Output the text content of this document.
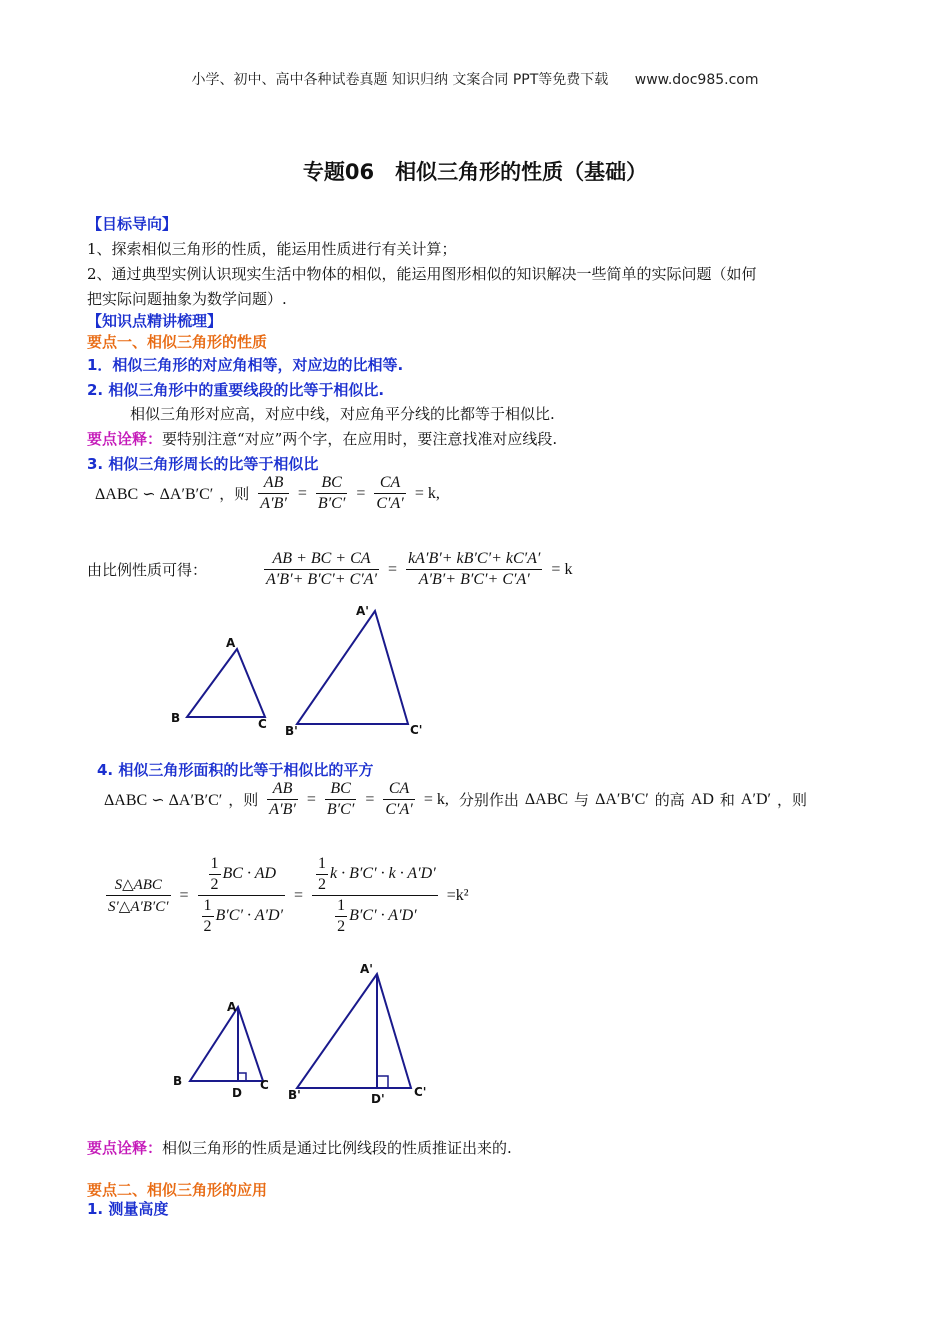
小学、初中、高中各种试卷真题 知识归纳 文案合同 PPT等免费下载 www.doc985.com
专题06　相似三角形的性质（基础）
【目标导向】
1、探索相似三角形的性质，能运用性质进行有关计算；
2、通过典型实例认识现实生活中物体的相似，能运用图形相似的知识解决一些简单的实际问题（如何
把实际问题抽象为数学问题）.
【知识点精讲梳理】
要点一、相似三角形的性质
1．相似三角形的对应角相等，对应边的比相等.
2. 相似三角形中的重要线段的比等于相似比.
相似三角形对应高，对应中线，对应角平分线的比都等于相似比.
要点诠释：要特别注意“对应”两个字，在应用时，要注意找准对应线段.
3. 相似三角形周长的比等于相似比
ΔABC ∽ ΔA′B′C′ ，则 $\frac{AB}{A'B'} = \frac{BC}{B'C'} = \frac{CA}{C'A'} = k$,
由比例性质可得：	$\frac{AB + BC + CA}{A'B'+ B'C'+ C'A'} = \frac{kA'B'+ kB'C'+ kC'A'}{A'B'+ B'C'+ C'A'} = k$
A
B	C
A'
B'	C'
4. 相似三角形面积的比等于相似比的平方
ΔABC ∽ ΔA′B′C′ ，则 $\frac{AB}{A'B'} = \frac{BC}{B'C'} = \frac{CA}{C'A'} = k$, 分别作出 ΔABC 与 ΔA′B′C′ 的高 AD 和 A′D′ ，则
$\frac{\text{S△ABC}}{S'\triangle A'B'C'} = \frac{\frac{1}{2} BC \cdot AD}{\frac{1}{2} B'C' \cdot A'D'} = \frac{\frac{1}{2} k \cdot B'C' \cdot k \cdot A'D'}{\frac{1}{2} B'C' \cdot A'D'} =k^2$
A
B
D
C
A'
B'	D' C'
要点诠释：相似三角形的性质是通过比例线段的性质推证出来的.
要点二、相似三角形的应用
1. 测量高度
